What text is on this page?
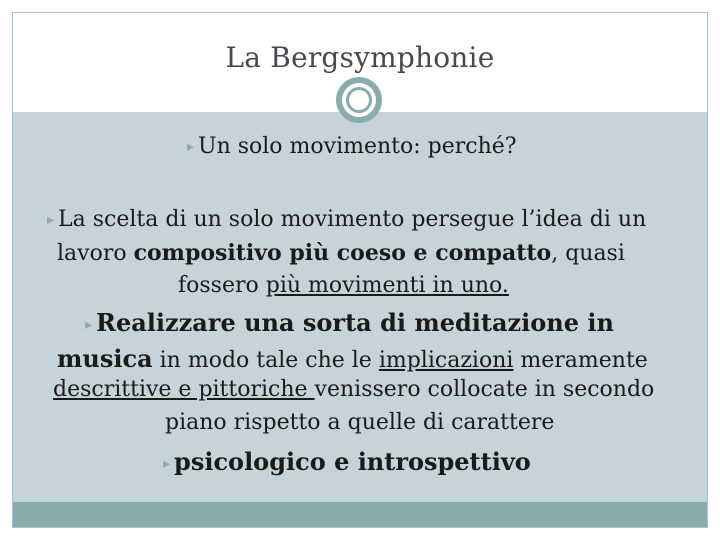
La Bergsymphonie
▸ Un solo movimento: perché?
▸ La scelta di un solo movimento persegue l’idea di un
lavoro compositivo più coeso e compatto, quasi
fossero più movimenti in uno.
▸ Realizzare una sorta di meditazione in
musica in modo tale che le implicazioni meramente
descrittive e pittoriche venissero collocate in secondo
piano rispetto a quelle di carattere
▸ psicologico e introspettivo
